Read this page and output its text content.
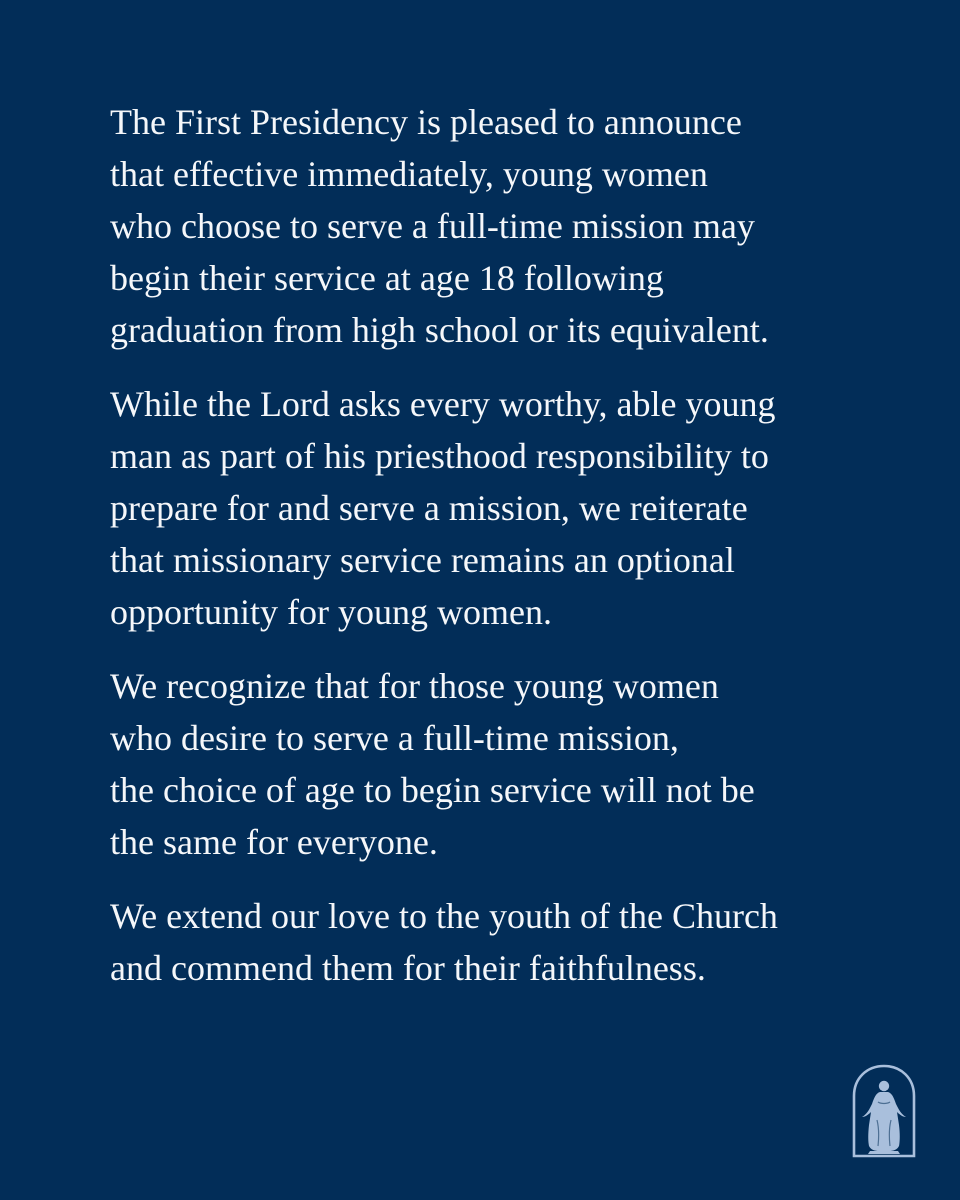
The First Presidency is pleased to announce
that effective immediately, young women
who choose to serve a full-time mission may
begin their service at age 18 following
graduation from high school or its equivalent.

While the Lord asks every worthy, able young
man as part of his priesthood responsibility to
prepare for and serve a mission, we reiterate
that missionary service remains an optional
opportunity for young women.

We recognize that for those young women
who desire to serve a full-time mission,
the choice of age to begin service will not be
the same for everyone.

We extend our love to the youth of the Church
and commend them for their faithfulness.
